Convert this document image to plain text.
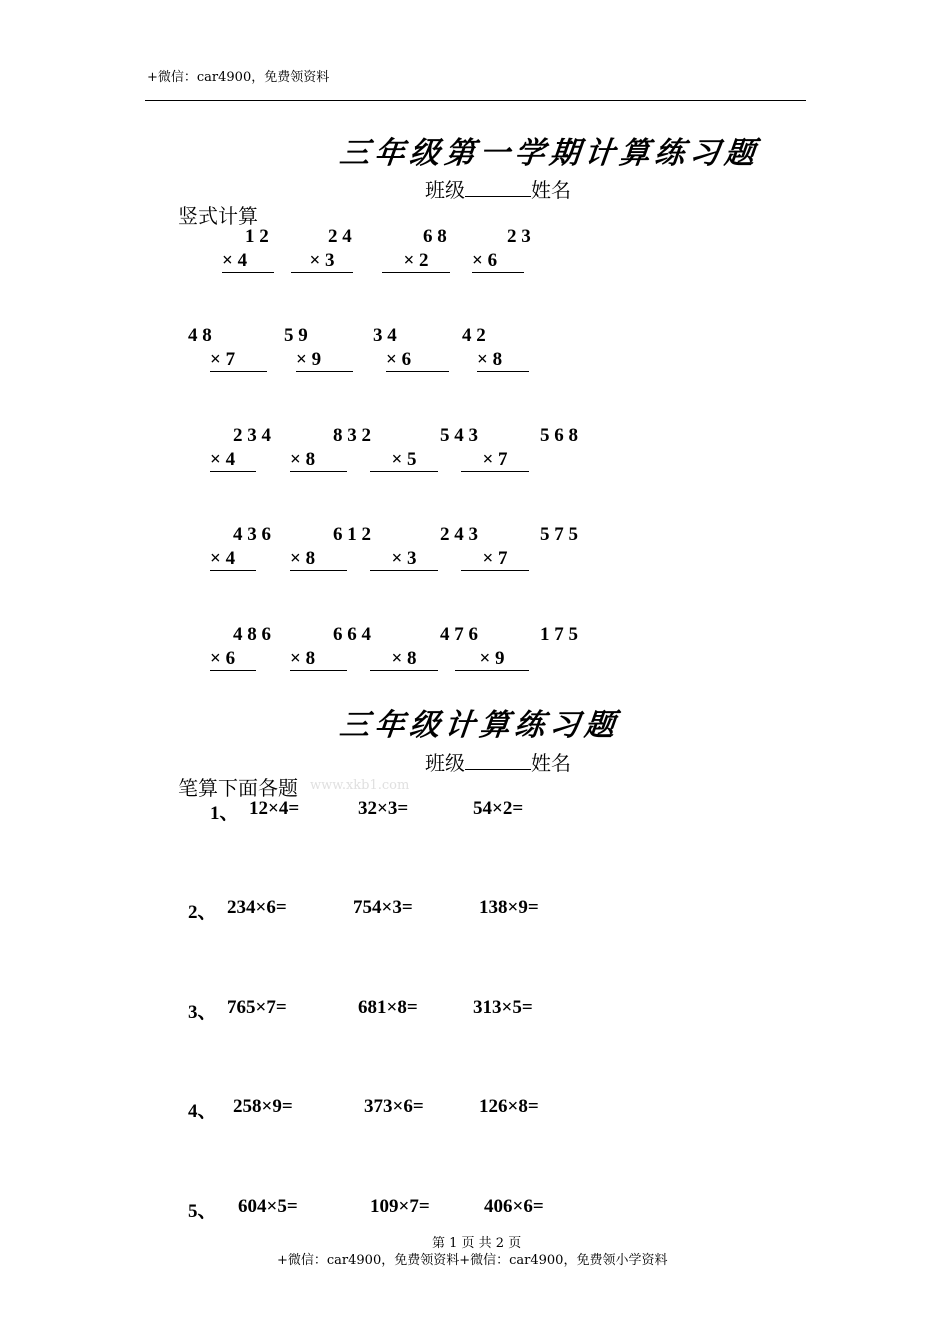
+微信：car4900，免费领资料
三年级第一学期计算练习题
班级	姓名
竖式计算
1 2	2 4	6 8	2 3
× 4	× 3	× 2	× 6
4 8	5 9	3 4	4 2
× 7	× 9	× 6	× 8
2 3 4	8 3 2	5 4 3	5 6 8
× 4	× 8	× 5	× 7
4 3 6	6 1 2	2 4 3	5 7 5
× 4	× 8	× 3	× 7
4 8 6	6 6 4	4 7 6	1 7 5
× 6	× 8	× 8	× 9
三年级计算练习题
班级	姓名
笔算下面各题 www.xkb1.com
1、 12×4=	32×3=	54×2=
2、 234×6=	754×3=	138×9=
3、 765×7=	681×8=	313×5=
4、 258×9=	373×6=	126×8=
5、 604×5=	109×7=	406×6=
第 1 页 共 2 页
+微信：car4900，免费领资料+微信：car4900，免费领小学资料
